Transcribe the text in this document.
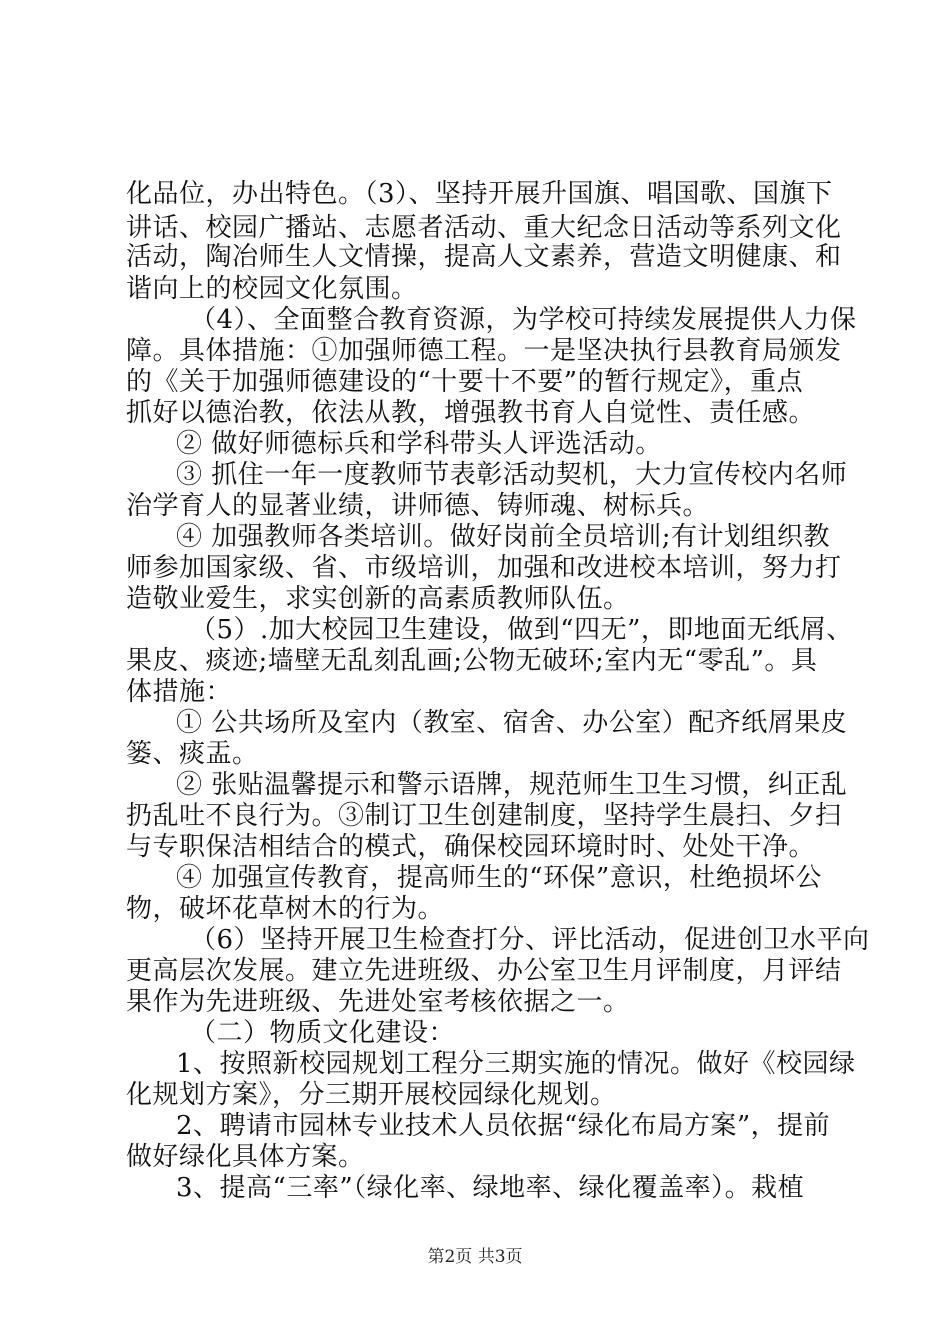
化品位，办出特色。（3）、坚持开展升国旗、唱国歌、国旗下
讲话、校园广播站、志愿者活动、重大纪念日活动等系列文化
活动，陶冶师生人文情操，提高人文素养，营造文明健康、和
谐向上的校园文化氛围。
（4）、全面整合教育资源，为学校可持续发展提供人力保
障。具体措施：①加强师德工程。一是坚决执行县教育局颁发
的《关于加强师德建设的“十要十不要”的暂行规定》，重点
抓好以德治教，依法从教，增强教书育人自觉性、责任感。
② 做好师德标兵和学科带头人评选活动。
③ 抓住一年一度教师节表彰活动契机，大力宣传校内名师
治学育人的显著业绩，讲师德、铸师魂、树标兵。
④ 加强教师各类培训。做好岗前全员培训;有计划组织教
师参加国家级、省、市级培训，加强和改进校本培训，努力打
造敬业爱生，求实创新的高素质教师队伍。
（5）.加大校园卫生建设，做到“四无”，即地面无纸屑、
果皮、痰迹;墙壁无乱刻乱画;公物无破环;室内无“零乱”。具
体措施：
① 公共场所及室内（教室、宿舍、办公室）配齐纸屑果皮
篓、痰盂。
② 张贴温馨提示和警示语牌，规范师生卫生习惯，纠正乱
扔乱吐不良行为。③制订卫生创建制度，坚持学生晨扫、夕扫
与专职保洁相结合的模式，确保校园环境时时、处处干净。
④ 加强宣传教育，提高师生的“环保”意识，杜绝损坏公
物，破坏花草树木的行为。
（6）坚持开展卫生检查打分、评比活动，促进创卫水平向
更高层次发展。建立先进班级、办公室卫生月评制度，月评结
果作为先进班级、先进处室考核依据之一。
（二）物质文化建设：
1、按照新校园规划工程分三期实施的情况。做好《校园绿
化规划方案》，分三期开展校园绿化规划。
2、聘请市园林专业技术人员依据“绿化布局方案”，提前
做好绿化具体方案。
3、提高“三率”（绿化率、绿地率、绿化覆盖率）。栽植
第2页 共3页
